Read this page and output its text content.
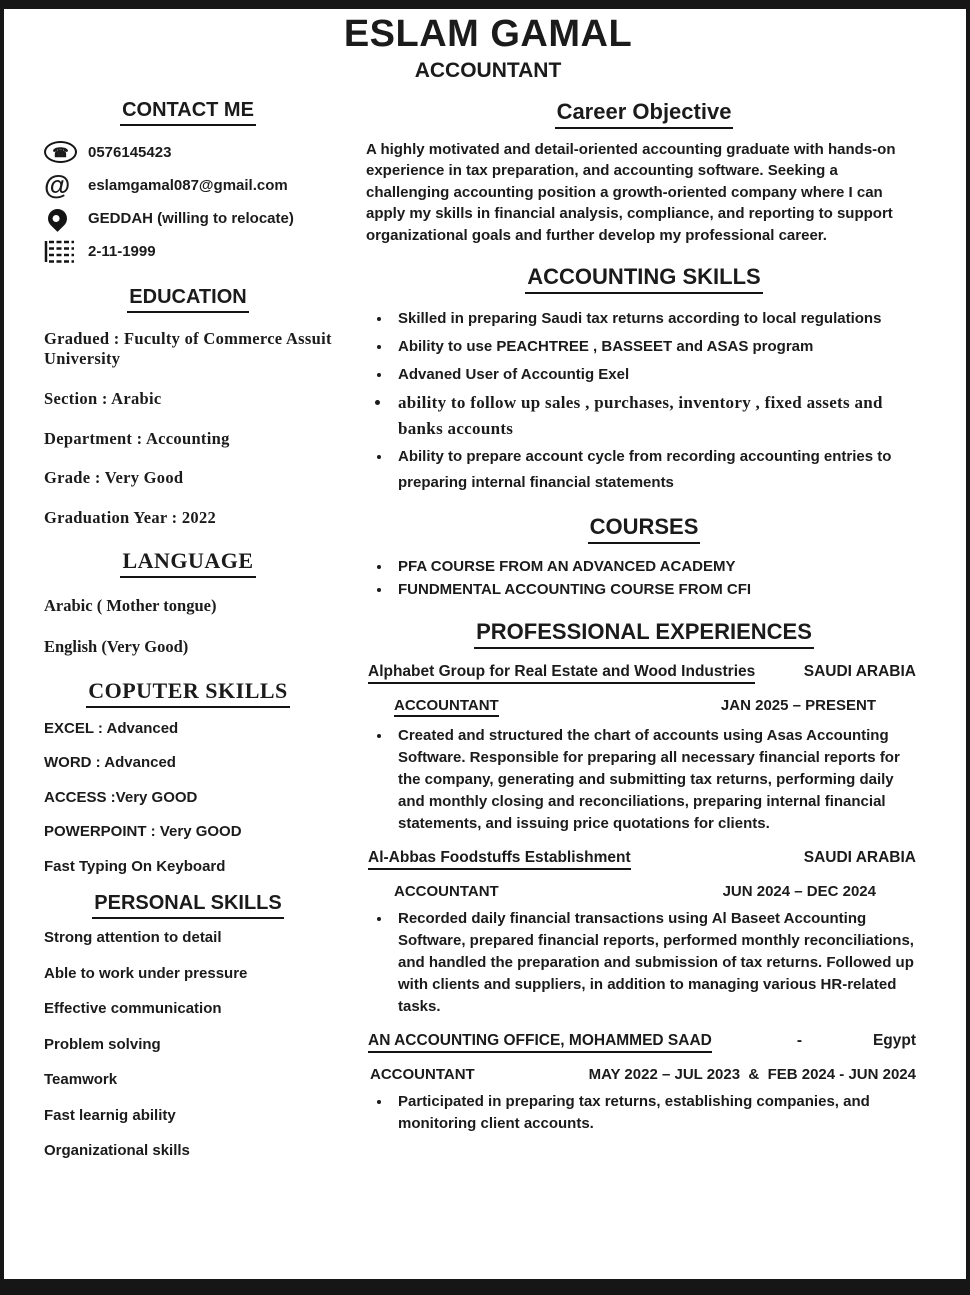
ESLAM GAMAL
ACCOUNTANT
CONTACT ME
☎	0576145423
@	eslamgamal087@gmail.com
GEDDAH (willing to relocate)
2-11-1999
EDUCATION
Gradued : Fuculty of Commerce Assuit University
Section : Arabic
Department : Accounting
Grade : Very Good
Graduation Year : 2022
LANGUAGE
Arabic ( Mother tongue)
English (Very Good)
COPUTER SKILLS
EXCEL : Advanced
WORD : Advanced
ACCESS :Very GOOD
POWERPOINT : Very GOOD
Fast Typing On Keyboard
PERSONAL SKILLS
Strong attention to detail
Able to work under pressure
Effective communication
Problem solving
Teamwork
Fast learnig ability
Organizational skills
Career Objective

A highly motivated and detail-oriented accounting graduate with hands-on experience in tax preparation, and accounting software. Seeking a challenging accounting position a growth-oriented company where I can apply my skills in financial analysis, compliance, and reporting to support organizational goals and further develop my professional career.

ACCOUNTING SKILLS
• Skilled in preparing Saudi tax returns according to local regulations
• Ability to use PEACHTREE , BASSEET and ASAS program
• Advaned User of Accountig Exel
• ability to follow up sales , purchases, inventory , fixed assets and banks accounts
• Ability to prepare account cycle from recording accounting entries to preparing internal financial statements
COURSES
• PFA COURSE FROM AN ADVANCED ACADEMY
• FUNDMENTAL ACCOUNTING COURSE FROM CFI
PROFESSIONAL EXPERIENCES
Alphabet Group for Real Estate and Wood Industries	SAUDI ARABIA
ACCOUNTANT	JAN 2025 – PRESENT
• Created and structured the chart of accounts using Asas Accounting Software. Responsible for preparing all necessary financial reports for the company, generating and submitting tax returns, performing daily and monthly closing and reconciliations, preparing internal financial statements, and issuing price quotations for clients.
Al-Abbas Foodstuffs Establishment	SAUDI ARABIA
ACCOUNTANT	JUN 2024 – DEC 2024
• Recorded daily financial transactions using Al Baseet Accounting Software, prepared financial reports, performed monthly reconciliations, and handled the preparation and submission of tax returns. Followed up with clients and suppliers, in addition to managing various HR-related tasks.
AN ACCOUNTING OFFICE, MOHAMMED SAAD	-	Egypt
ACCOUNTANT	MAY 2022 – JUL 2023  &  FEB 2024 - JUN 2024
• Participated in preparing tax returns, establishing companies, and monitoring client accounts.
